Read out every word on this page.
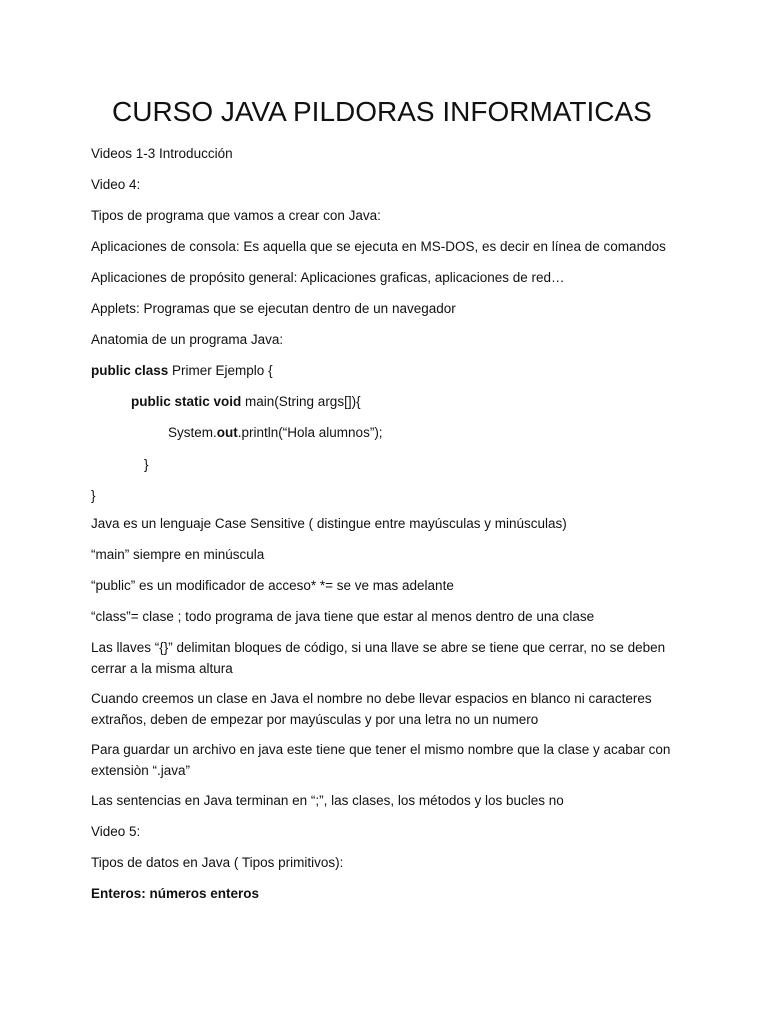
CURSO JAVA PILDORAS INFORMATICAS
Videos 1-3 Introducción
Video 4:
Tipos de programa que vamos a crear con Java:
Aplicaciones de consola: Es aquella que se ejecuta en MS-DOS, es decir en línea de comandos
Aplicaciones de propósito general: Aplicaciones graficas, aplicaciones de red…
Applets: Programas que se ejecutan dentro de un navegador
Anatomia de un programa Java:
public class Primer Ejemplo {
public static void main(String args[]){
System.out.println(“Hola alumnos”);
}
}
Java es un lenguaje Case Sensitive ( distingue entre mayúsculas y minúsculas)
“main” siempre en minúscula
“public” es un modificador de acceso* *= se ve mas adelante
“class”= clase ; todo programa de java tiene que estar al menos dentro de una clase
Las llaves “{}” delimitan bloques de código, si una llave se abre se tiene que cerrar, no se deben cerrar a la misma altura
Cuando creemos un clase en Java el nombre no debe llevar espacios en blanco ni caracteres extraños, deben de empezar por mayúsculas y por una letra no un numero
Para guardar un archivo en java este tiene que tener el mismo nombre que la clase y acabar con extensiòn “.java”
Las sentencias en Java terminan en “;”, las clases, los métodos y los bucles no
Video 5:
Tipos de datos en Java ( Tipos primitivos):
Enteros: números enteros
